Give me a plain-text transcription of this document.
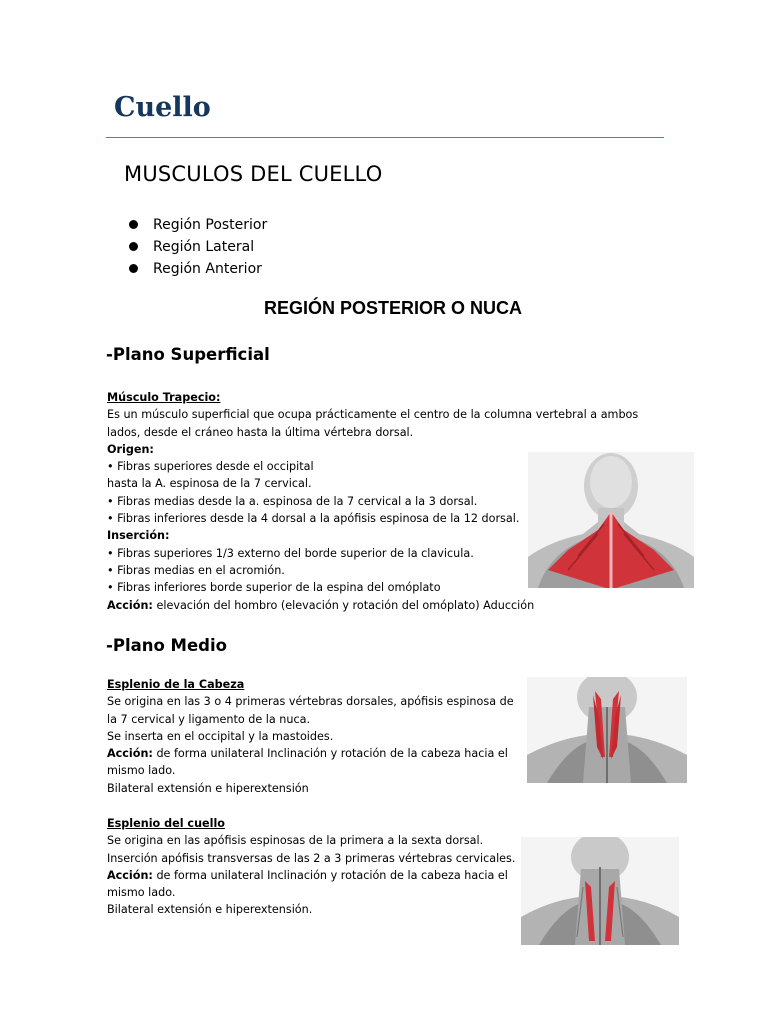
Cuello
MUSCULOS DEL CUELLO
Región Posterior
Región Lateral
Región Anterior
REGIÓN POSTERIOR O NUCA
-Plano Superficial

Músculo Trapecio:

Es un músculo superficial que ocupa prácticamente el centro de la columna vertebral a ambos

lados, desde el cráneo hasta la última vértebra dorsal.

Origen:

• Fibras superiores desde el occipital

hasta la A. espinosa de la 7 cervical.

• Fibras medias desde la a. espinosa de la 7 cervical a la 3 dorsal.

• Fibras inferiores desde la 4 dorsal a la apófisis espinosa de la 12 dorsal.

Inserción:

• Fibras superiores 1/3 externo del borde superior de la clavicula.

• Fibras medias en el acromión.

• Fibras inferiores borde superior de la espina del omóplato

Acción: elevación del hombro (elevación y rotación del omóplato) Aducción

-Plano Medio

Esplenio de la Cabeza

Se origina en las 3 o 4 primeras vértebras dorsales, apófisis espinosa de

la 7 cervical y ligamento de la nuca.

Se inserta en el occipital y la mastoides.

Acción: de forma unilateral Inclinación y rotación de la cabeza hacia el

mismo lado.

Bilateral extensión e hiperextensión

Esplenio del cuello

Se origina en las apófisis espinosas de la primera a la sexta dorsal.

Inserción apófisis transversas de las 2 a 3 primeras vértebras cervicales.

Acción: de forma unilateral Inclinación y rotación de la cabeza hacia el

mismo lado.

Bilateral extensión e hiperextensión.
